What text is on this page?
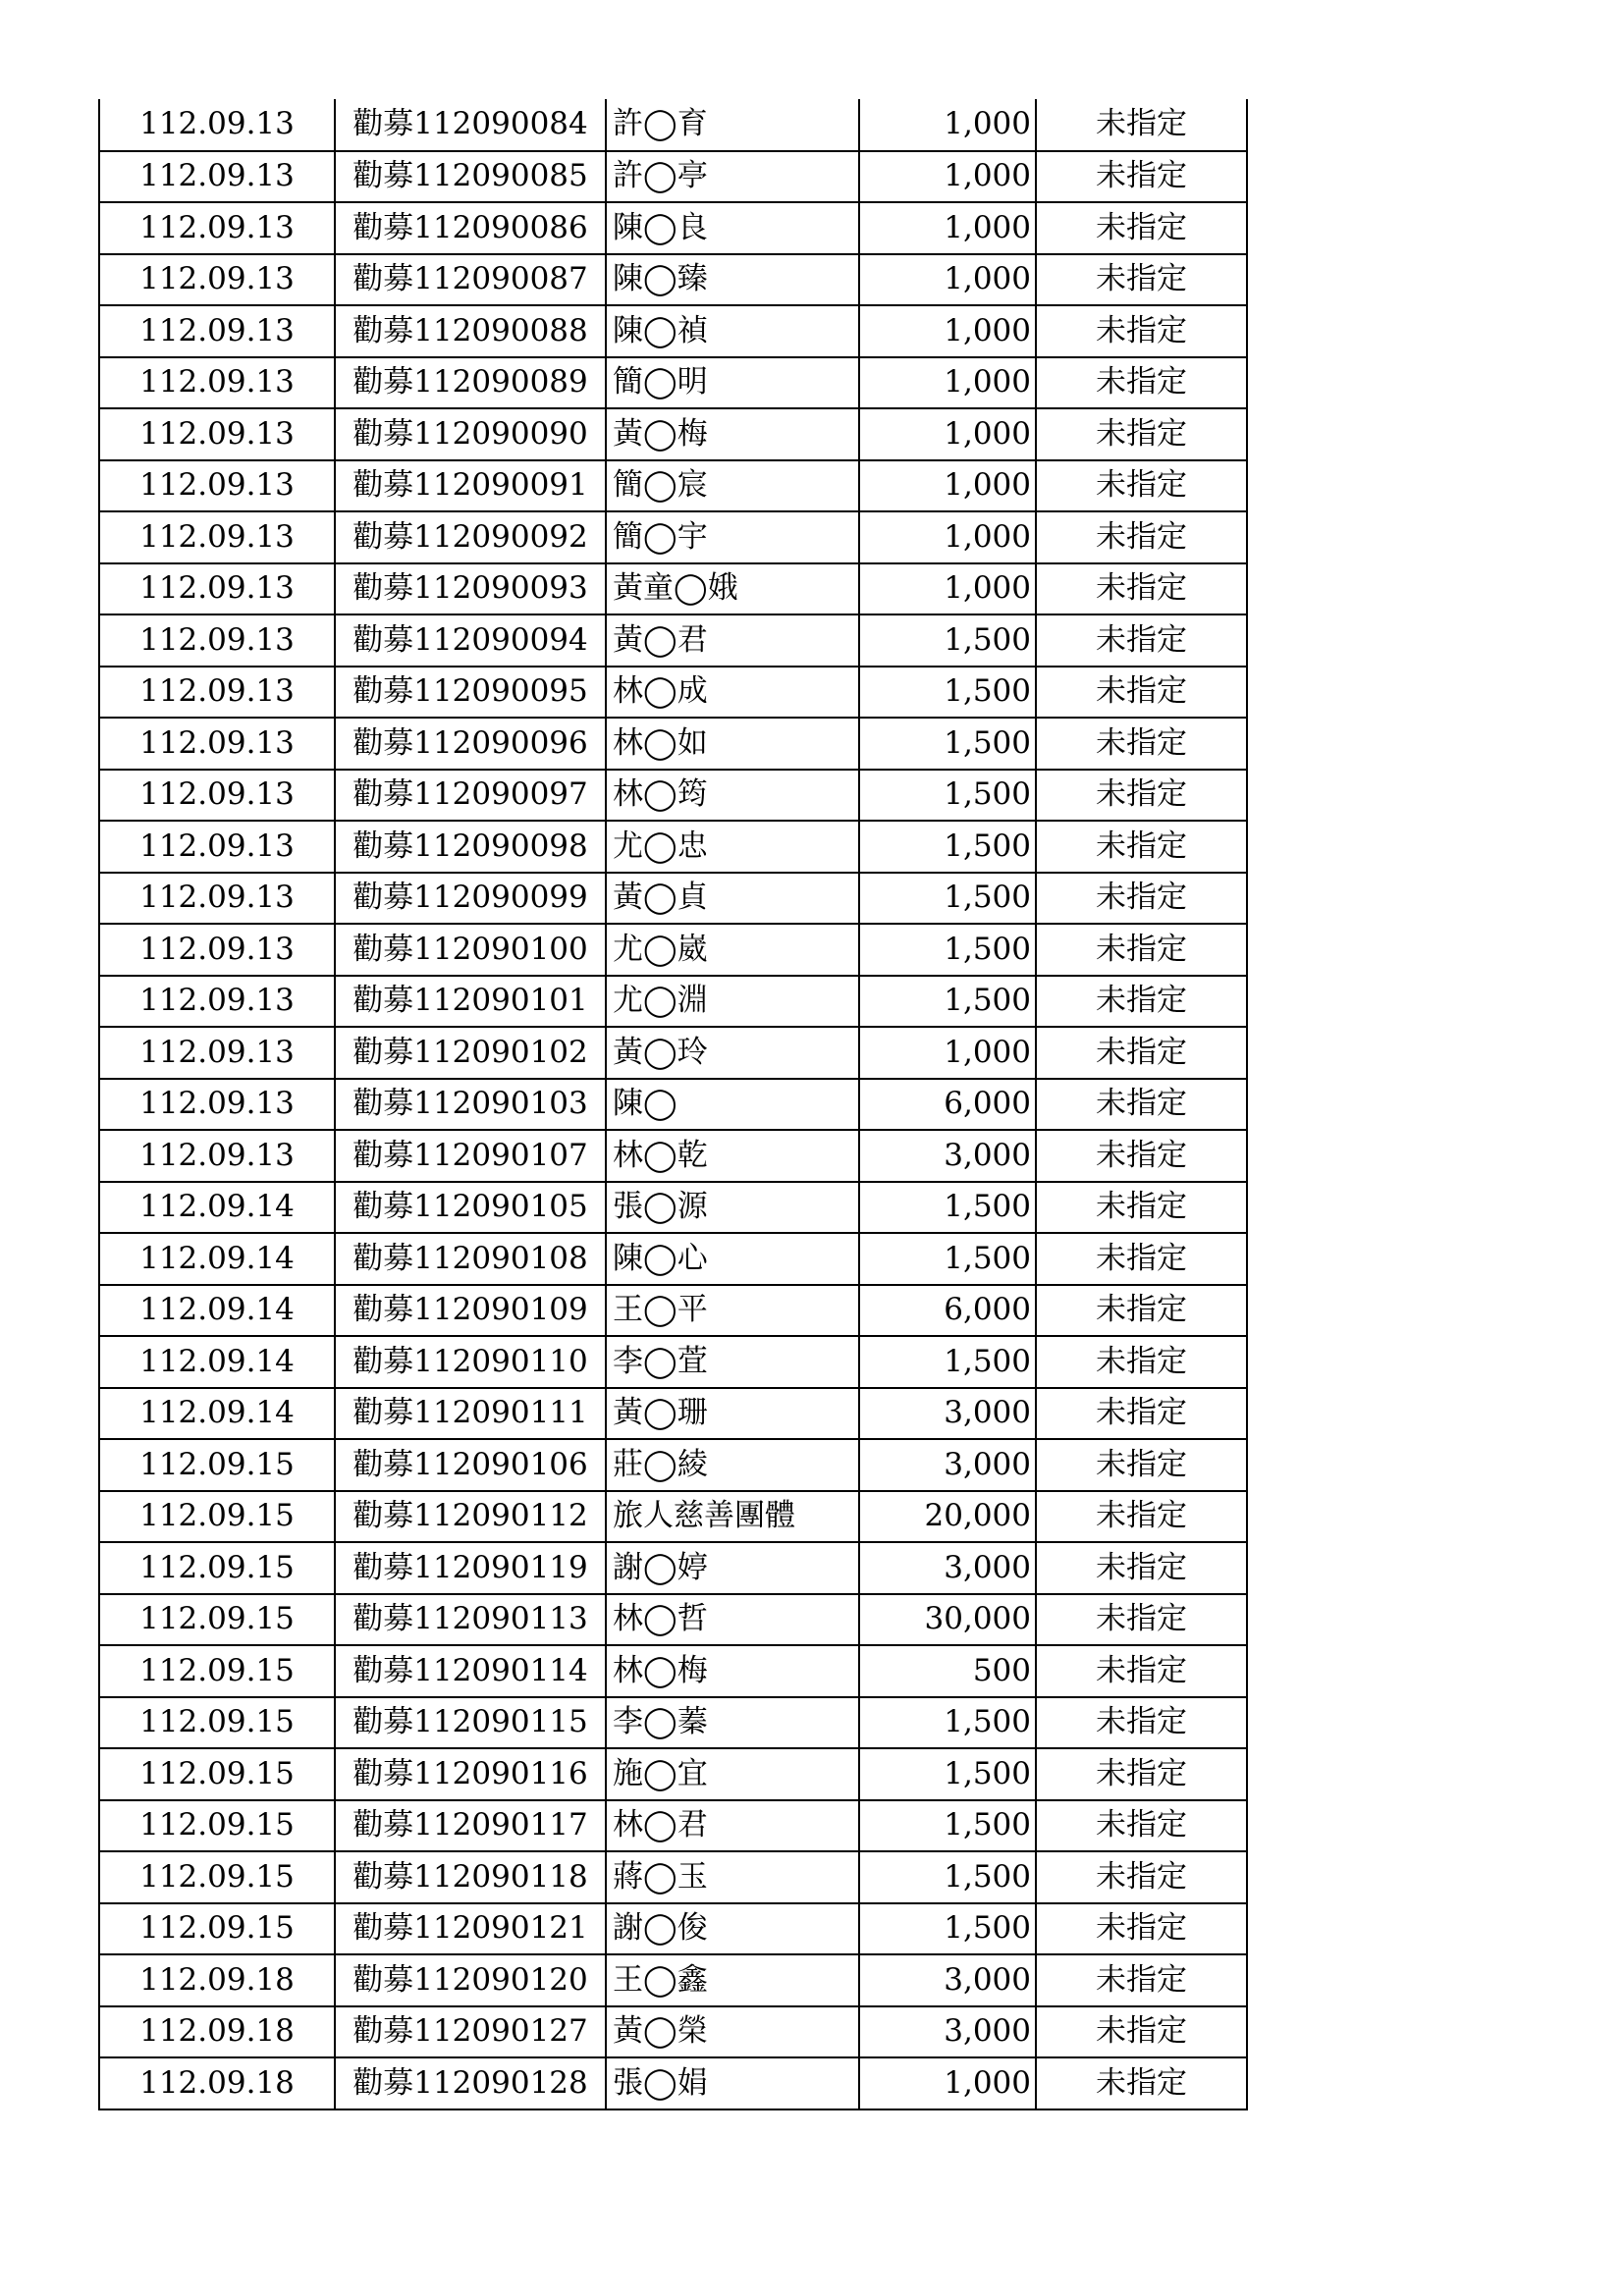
112.09.13	勸募112090084	許◯育	1,000	未指定
112.09.13	勸募112090085	許◯亭	1,000	未指定
112.09.13	勸募112090086	陳◯良	1,000	未指定
112.09.13	勸募112090087	陳◯臻	1,000	未指定
112.09.13	勸募112090088	陳◯禎	1,000	未指定
112.09.13	勸募112090089	簡◯明	1,000	未指定
112.09.13	勸募112090090	黃◯梅	1,000	未指定
112.09.13	勸募112090091	簡◯宸	1,000	未指定
112.09.13	勸募112090092	簡◯宇	1,000	未指定
112.09.13	勸募112090093	黃童◯娥	1,000	未指定
112.09.13	勸募112090094	黃◯君	1,500	未指定
112.09.13	勸募112090095	林◯成	1,500	未指定
112.09.13	勸募112090096	林◯如	1,500	未指定
112.09.13	勸募112090097	林◯筠	1,500	未指定
112.09.13	勸募112090098	尤◯忠	1,500	未指定
112.09.13	勸募112090099	黃◯貞	1,500	未指定
112.09.13	勸募112090100	尤◯崴	1,500	未指定
112.09.13	勸募112090101	尤◯淵	1,500	未指定
112.09.13	勸募112090102	黃◯玲	1,000	未指定
112.09.13	勸募112090103	陳◯	6,000	未指定
112.09.13	勸募112090107	林◯乾	3,000	未指定
112.09.14	勸募112090105	張◯源	1,500	未指定
112.09.14	勸募112090108	陳◯心	1,500	未指定
112.09.14	勸募112090109	王◯平	6,000	未指定
112.09.14	勸募112090110	李◯萓	1,500	未指定
112.09.14	勸募112090111	黃◯珊	3,000	未指定
112.09.15	勸募112090106	莊◯綾	3,000	未指定
112.09.15	勸募112090112	旅人慈善團體	20,000	未指定
112.09.15	勸募112090119	謝◯婷	3,000	未指定
112.09.15	勸募112090113	林◯哲	30,000	未指定
112.09.15	勸募112090114	林◯梅	500	未指定
112.09.15	勸募112090115	李◯蓁	1,500	未指定
112.09.15	勸募112090116	施◯宜	1,500	未指定
112.09.15	勸募112090117	林◯君	1,500	未指定
112.09.15	勸募112090118	蔣◯玉	1,500	未指定
112.09.15	勸募112090121	謝◯俊	1,500	未指定
112.09.18	勸募112090120	王◯鑫	3,000	未指定
112.09.18	勸募112090127	黃◯榮	3,000	未指定
112.09.18	勸募112090128	張◯娟	1,000	未指定
